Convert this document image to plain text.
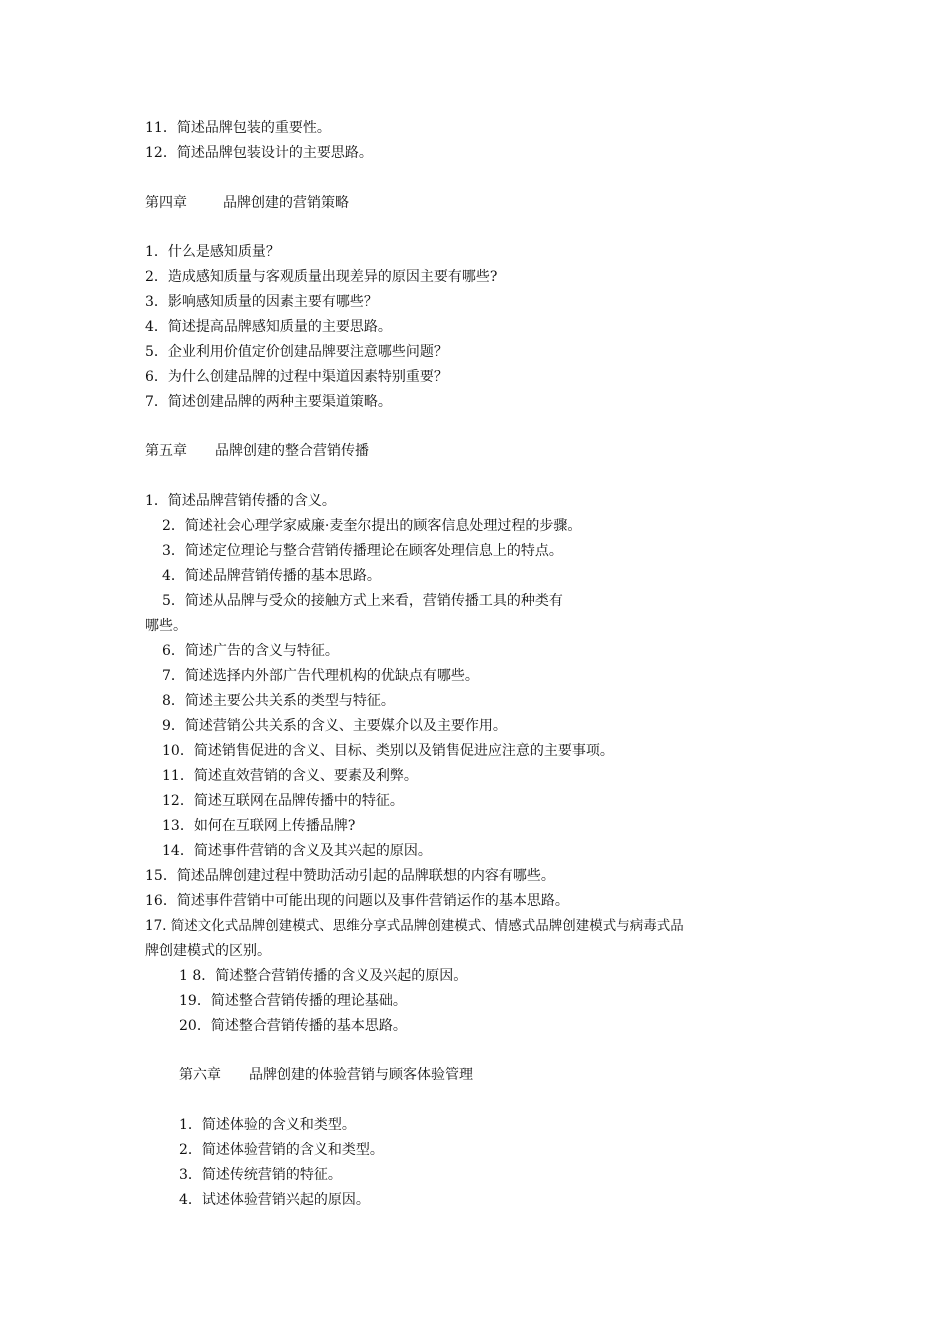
11．简述品牌包装的重要性。
12．简述品牌包装设计的主要思路。
第四章	品牌创建的营销策略
1．什么是感知质量？
2．造成感知质量与客观质量出现差异的原因主要有哪些?
3．影响感知质量的因素主要有哪些？
4．简述提高品牌感知质量的主要思路。
5．企业利用价值定价创建品牌要注意哪些问题？
6．为什么创建品牌的过程中渠道因素特别重要？
7．简述创建品牌的两种主要渠道策略。
第五章 品牌创建的整合营销传播
1．简述品牌营销传播的含义。
2．简述社会心理学家威廉·麦奎尔提出的顾客信息处理过程的步骤。
3．简述定位理论与整合营销传播理论在顾客处理信息上的特点。
4．简述品牌营销传播的基本思路。
5．简述从品牌与受众的接触方式上来看，营销传播工具的种类有
哪些。
6．简述广告的含义与特征。
7．简述选择内外部广告代理机构的优缺点有哪些。
8．简述主要公共关系的类型与特征。
9．简述营销公共关系的含义、主要媒介以及主要作用。
10．简述销售促进的含义、目标、类别以及销售促进应注意的主要事项。
11．简述直效营销的含义、要素及利弊。
12．简述互联网在品牌传播中的特征。
13．如何在互联网上传播品牌?
14．简述事件营销的含义及其兴起的原因。
15．简述品牌创建过程中赞助活动引起的品牌联想的内容有哪些。
16．简述事件营销中可能出现的问题以及事件营销运作的基本思路。
17. 简述文化式品牌创建模式、思维分享式品牌创建模式、情感式品牌创建模式与病毒式品
牌创建模式的区别。
1 8．简述整合营销传播的含义及兴起的原因。
19．简述整合营销传播的理论基础。
20．简述整合营销传播的基本思路。
第六章 品牌创建的体验营销与顾客体验管理
1．简述体验的含义和类型。
2．简述体验营销的含义和类型。
3．简述传统营销的特征。
4．试述体验营销兴起的原因。
